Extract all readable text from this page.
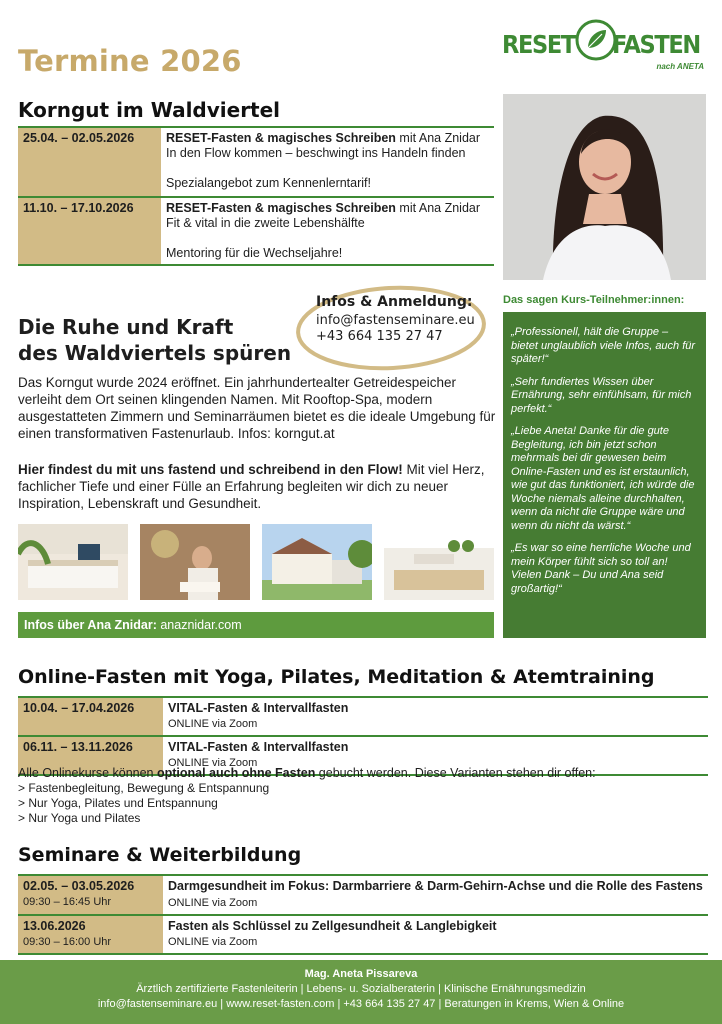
Termine 2026	RESET FASTEN
nach ANETA
Korngut im Waldviertel
25.04. – 02.05.2026	RESET-Fasten & magisches Schreiben mit Ana Znidar
In den Flow kommen – beschwingt ins Handeln finden

Spezialangebot zum Kennenlerntarif!
11.10. – 17.10.2026	RESET-Fasten & magisches Schreiben mit Ana Znidar
Fit & vital in die zweite Lebenshälfte

Mentoring für die Wechseljahre!
Infos & Anmeldung:
info@fastenseminare.eu
+43 664 135 27 47
Die Ruhe und Kraft
des Waldviertels spüren
Das Korngut wurde 2024 eröffnet. Ein jahrhundertealter Getreidespeicher verleiht dem Ort seinen klingenden Namen. Mit Rooftop-Spa, modern ausgestatteten Zimmern und Seminarräumen bietet es die ideale Umgebung für einen transformativen Fastenurlaub. Infos: korngut.at
Hier findest du mit uns fastend und schreibend in den Flow! Mit viel Herz, fachlicher Tiefe und einer Fülle an Erfahrung begleiten wir dich zu neuer Inspiration, Lebenskraft und Gesundheit.
Infos über Ana Znidar: anaznidar.com
Das sagen Kurs-Teilnehmer:innen:

„Professionell, hält die Gruppe – bietet unglaublich viele Infos, auch für später!“

„Sehr fundiertes Wissen über Ernährung, sehr einfühlsam, für mich perfekt.“

„Liebe Aneta! Danke für die gute Begleitung, ich bin jetzt schon mehrmals bei dir gewesen beim Online-Fasten und es ist erstaunlich, wie gut das funktioniert, ich würde die Woche niemals alleine durchhalten, wenn da nicht die Gruppe wäre und wenn du nicht da wärst.“

„Es war so eine herrliche Woche und mein Körper fühlt sich so toll an! Vielen Dank – Du und Ana seid großartig!“

Online-Fasten mit Yoga, Pilates, Meditation & Atemtraining
10.04. – 17.04.2026	VITAL-Fasten & Intervallfasten
ONLINE via Zoom
06.11. – 13.11.2026	VITAL-Fasten & Intervallfasten
ONLINE via Zoom
Alle Onlinekurse können optional auch ohne Fasten gebucht werden. Diese Varianten stehen dir offen:
> Fastenbegleitung, Bewegung & Entspannung
> Nur Yoga, Pilates und Entspannung
> Nur Yoga und Pilates
Seminare & Weiterbildung
02.05. – 03.05.2026
09:30 – 16:45 Uhr	Darmgesundheit im Fokus: Darmbarriere & Darm-Gehirn-Achse und die Rolle des Fastens ONLINE via Zoom
13.06.2026
09:30 – 16:00 Uhr	Fasten als Schlüssel zu Zellgesundheit & Langlebigkeit
ONLINE via Zoom
Mag. Aneta Pissareva
Ärztlich zertifizierte Fastenleiterin | Lebens- u. Sozialberaterin | Klinische Ernährungsmedizin
info@fastenseminare.eu | www.reset-fasten.com | +43 664 135 27 47 | Beratungen in Krems, Wien & Online
